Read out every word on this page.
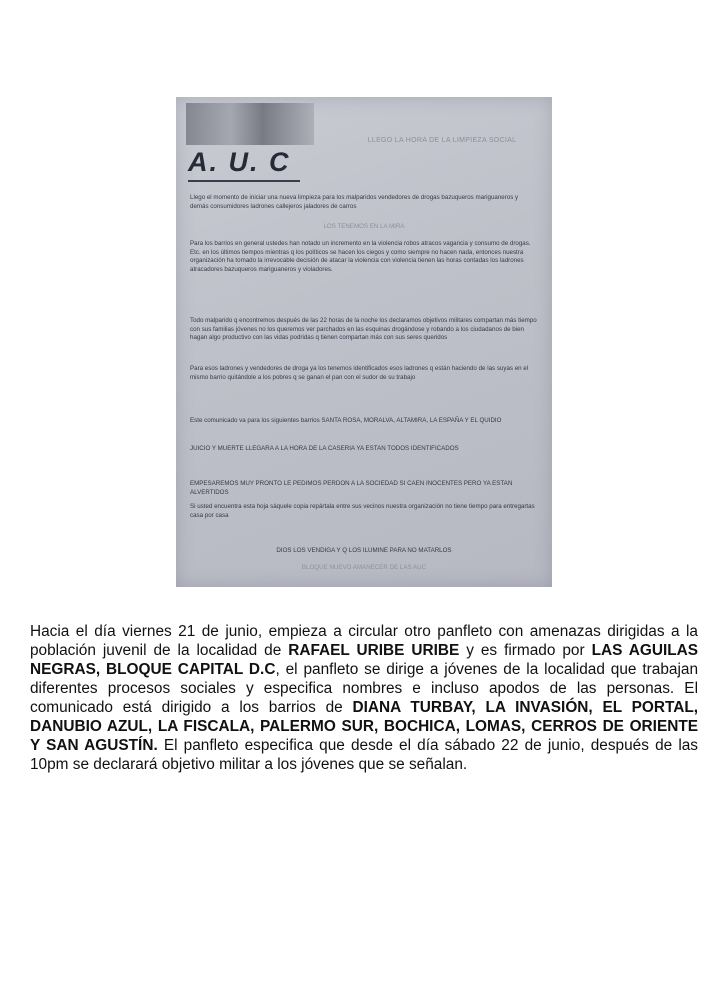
LLEGO LA HORA DE LA LIMPIEZA SOCIAL
A. U. C
Llego el momento de iniciar una nueva limpieza para los malparidos vendedores de drogas bazuqueros mariguaneros y demás consumidores ladrones callejeros jaladores de carros
LOS TENEMOS EN LA MIRA
Para los barrios en general ustedes han notado un incremento en la violencia robos atracos vagancia y consumo de drogas. Etc. en los últimos tiempos mientras q los políticos se hacen los ciegos y como siempre no hacen nada, entonces nuestra organización ha tomado la irrevocable decisión de atacar la violencia con violencia tienen las horas contadas los ladrones atracadores bazuqueros mariguaneros y violadores.
Todo malparido q encontremos después de las 22 horas de la noche los declaramos objetivos militares compartan más tiempo con sus familias jóvenes no los queremos ver parchados en las esquinas drogándose y robando a los ciudadanos de bien hagan algo productivo con las vidas podridas q tienen compartan más con sus seres queridos
Para esos ladrones y vendedores de droga ya los tenemos identificados esos ladrones q están haciendo de las suyas en el mismo barrio quitándole a los pobres q se ganan el pan con el sudor de su trabajo
Este comunicado va para los siguientes barrios SANTA ROSA, MORALVA, ALTAMIRA, LA ESPAÑA Y EL QUIDIO
JUICIO Y MUERTE LLEGARA A LA HORA DE LA CASERIA YA ESTAN TODOS IDENTIFICADOS
EMPESAREMOS MUY PRONTO LE PEDIMOS PERDON A LA SOCIEDAD SI CAEN INOCENTES PERO YA ESTAN ALVERTIDOS
Si usted encuentra esta hoja sáquele copia repártala entre sus vecinos nuestra organización no tiene tiempo para entregartas casa por casa
DIOS LOS VENDIGA Y Q LOS ILUMINE PARA NO MATARLOS
BLOQUE NUEVO AMANECER DE LAS AUC

Hacia el día viernes 21 de junio, empieza a circular otro panfleto con amenazas dirigidas a la población juvenil de la localidad de RAFAEL URIBE URIBE y es firmado por LAS AGUILAS NEGRAS, BLOQUE CAPITAL D.C, el panfleto se dirige a jóvenes de la localidad que trabajan diferentes procesos sociales y especifica nombres e incluso apodos de las personas. El comunicado está dirigido a los barrios de DIANA TURBAY, LA INVASIÓN, EL PORTAL, DANUBIO AZUL, LA FISCALA, PALERMO SUR, BOCHICA, LOMAS, CERROS DE ORIENTE Y SAN AGUSTÍN. El panfleto especifica que desde el día sábado 22 de junio, después de las 10pm se declarará objetivo militar a los jóvenes que se señalan.
